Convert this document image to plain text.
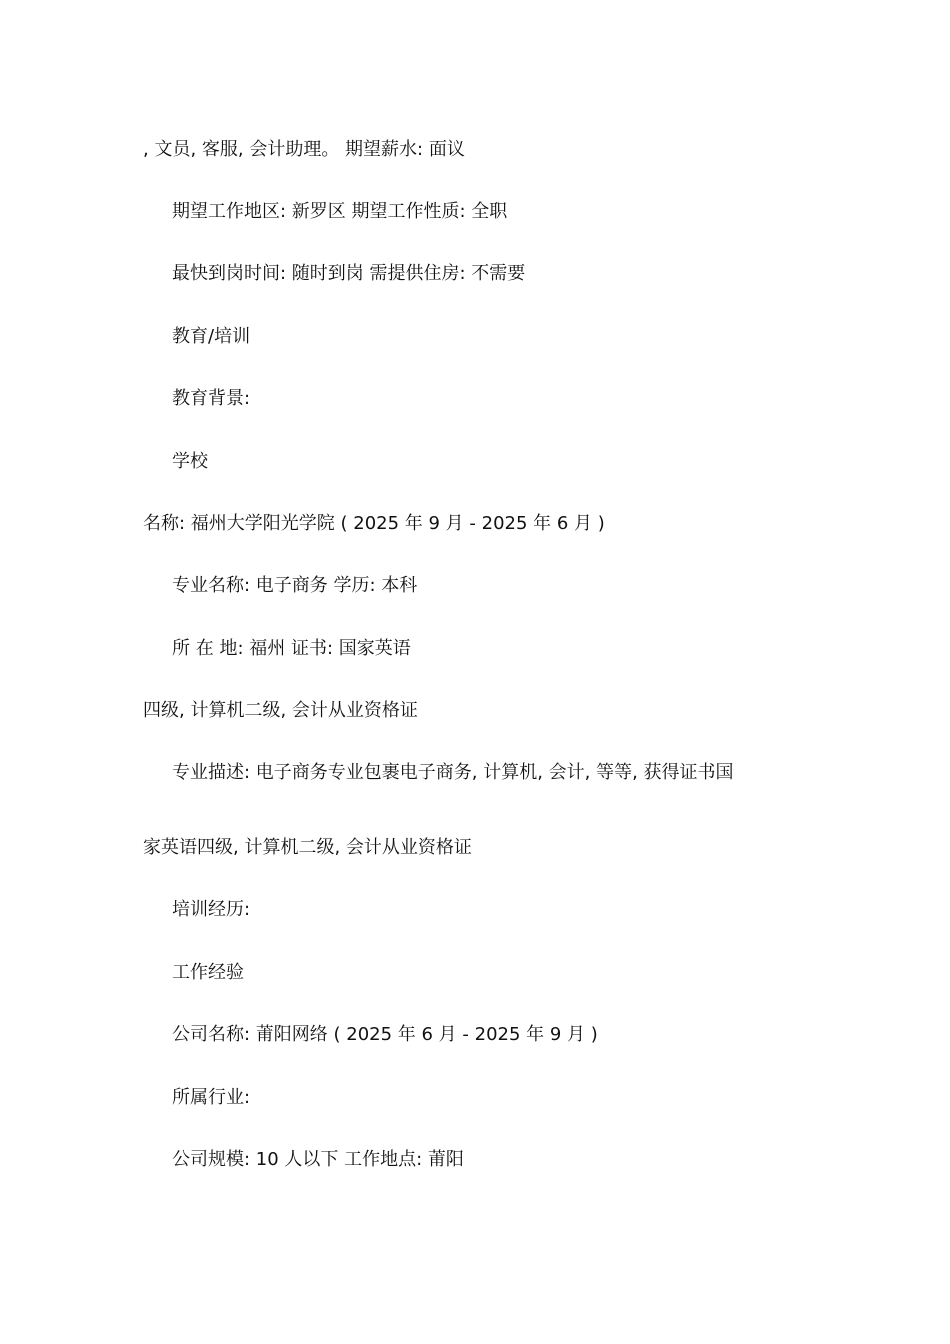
, 文员, 客服, 会计助理。 期望薪水: 面议
期望工作地区: 新罗区 期望工作性质: 全职
最快到岗时间: 随时到岗 需提供住房: 不需要
教育/培训
教育背景:
学校
名称: 福州大学阳光学院 ( 2025 年 9 月 - 2025 年 6 月 )
专业名称: 电子商务 学历: 本科
所 在 地: 福州 证书: 国家英语
四级, 计算机二级, 会计从业资格证
专业描述: 电子商务专业包裹电子商务, 计算机, 会计, 等等, 获得证书国
家英语四级, 计算机二级, 会计从业资格证
培训经历:
工作经验
公司名称: 莆阳网络 ( 2025 年 6 月 - 2025 年 9 月 )
所属行业:
公司规模: 10 人以下 工作地点: 莆阳
